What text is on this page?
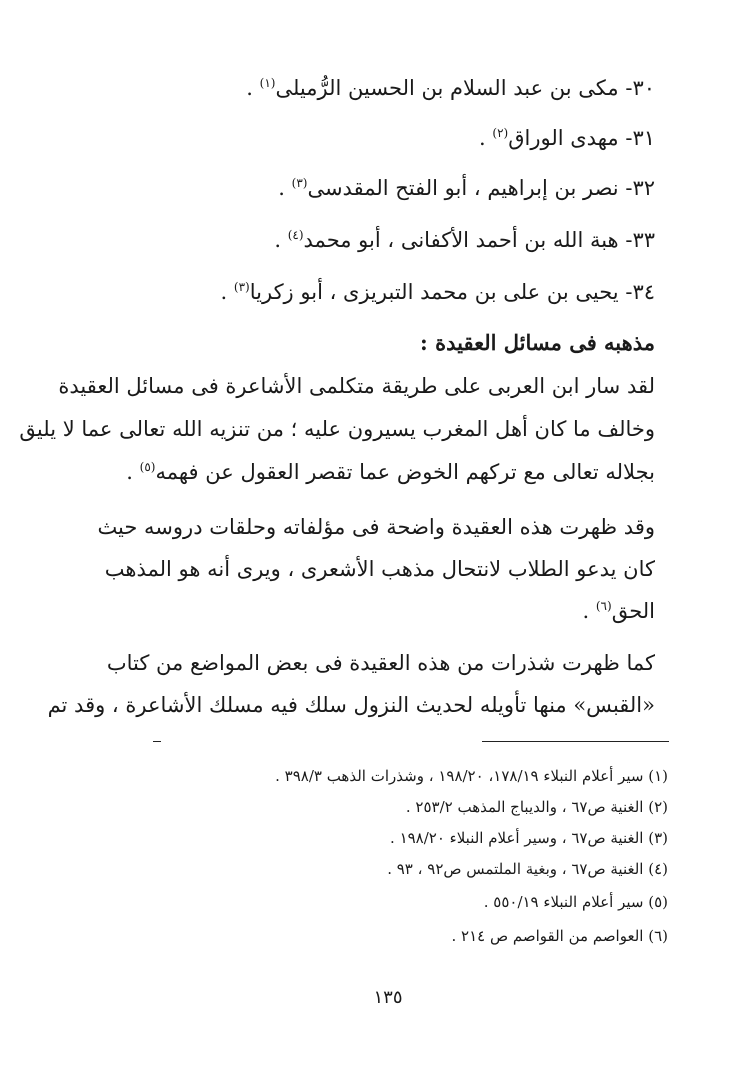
٣٠- مكى بن عبد السلام بن الحسين الرُّميلى$^{(١)}$ .
٣١- مهدى الوراق$^{(٢)}$ .
٣٢- نصر بن إبراهيم ، أبو الفتح المقدسى$^{(٣)}$ .
٣٣- هبة الله بن أحمد الأكفانى ، أبو محمد$^{(٤)}$ .
٣٤- يحيى بن على بن محمد التبريزى ، أبو زكريا$^{(٣)}$ .
مذهبه فى مسائل العقيدة :
لقد سار ابن العربى على طريقة متكلمى الأشاعرة فى مسائل العقيدة
وخالف ما كان أهل المغرب يسيرون عليه ؛ من تنزيه الله تعالى عما لا يليق
بجلاله تعالى مع تركهم الخوض عما تقصر العقول عن فهمه$^{(٥)}$ .
وقد ظهرت هذه العقيدة واضحة فى مؤلفاته وحلقات دروسه حيث
كان يدعو الطلاب لانتحال مذهب الأشعرى ، ويرى أنه هو المذهب
الحق$^{(٦)}$ .
كما ظهرت شذرات من هذه العقيدة فى بعض المواضع من كتاب
«القبس» منها تأويله لحديث النزول سلك فيه مسلك الأشاعرة ، وقد تم
(١) سير أعلام النبلاء ١٧٨/١٩، ١٩٨/٢٠ ، وشذرات الذهب ٣٩٨/٣ .
(٢) الغنية ص٦٧ ، والديباج المذهب ٢٥٣/٢ .
(٣) الغنية ص٦٧ ، وسير أعلام النبلاء ١٩٨/٢٠ .
(٤) الغنية ص٦٧ ، وبغية الملتمس ص٩٢ ، ٩٣ .
(٥) سير أعلام النبلاء ٥٥٠/١٩ .
(٦) العواصم من القواصم ص ٢١٤ .
١٣٥
